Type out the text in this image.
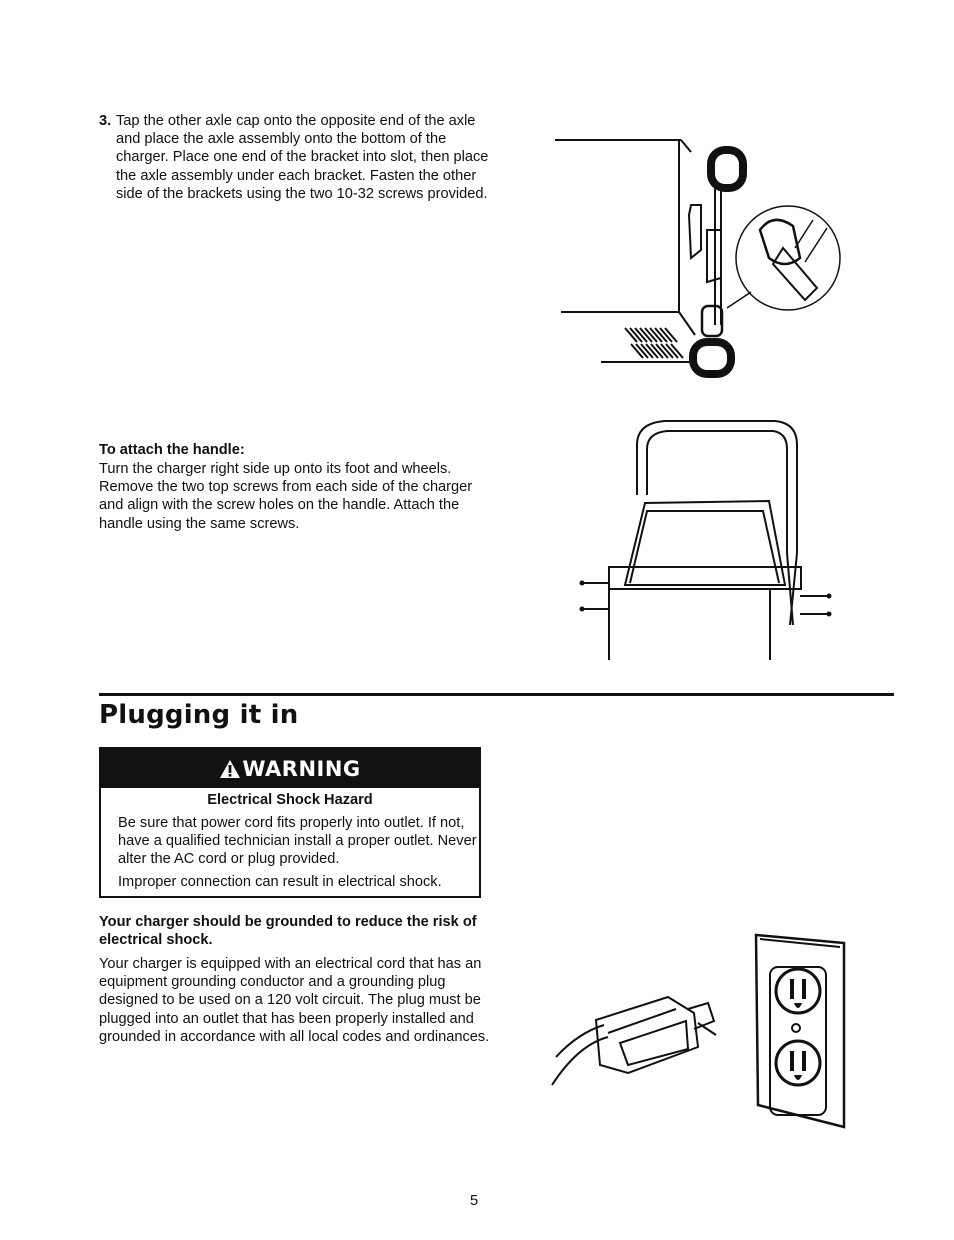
3. Tap the other axle cap onto the opposite end of the axle and place the axle assembly onto the bottom of the charger. Place one end of the bracket into slot, then place the axle assembly under each bracket. Fasten the other side of the brackets using the two 10-32 screws provided.
To attach the handle:
Turn the charger right side up onto its foot and wheels. Remove the two top screws from each side of the charger and align with the screw holes on the handle. Attach the handle using the same screws.
Plugging it in
WARNING
Electrical Shock Hazard
Be sure that power cord fits properly into outlet. If not, have a qualified technician install a proper outlet. Never alter the AC cord or plug provided.
Improper connection can result in electrical shock.
Your charger should be grounded to reduce the risk of electrical shock.
Your charger is equipped with an electrical cord that has an equipment grounding conductor and a grounding plug designed to be used on a 120 volt circuit. The plug must be plugged into an outlet that has been properly installed and grounded in accordance with all local codes and ordinances.
5
